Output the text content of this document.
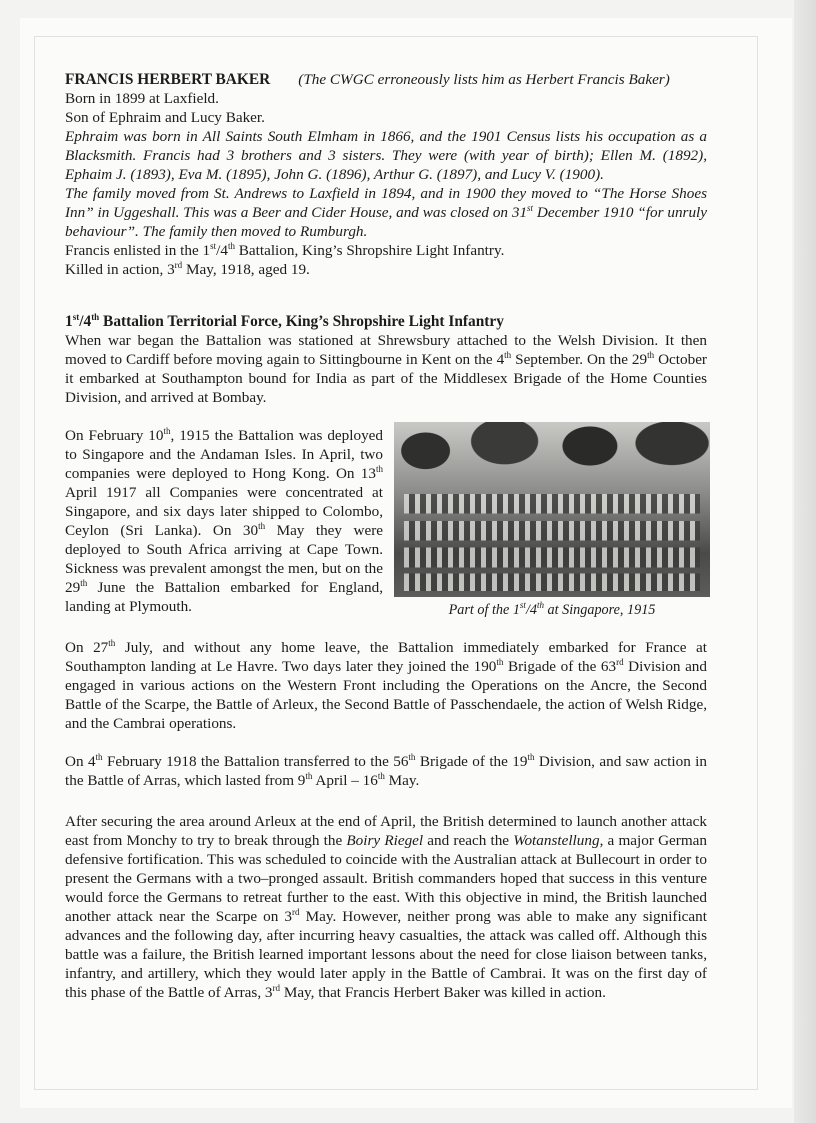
FRANCIS HERBERT BAKER (The CWGC erroneously lists him as Herbert Francis Baker)

Born in 1899 at Laxfield.

Son of Ephraim and Lucy Baker.

Ephraim was born in All Saints South Elmham in 1866, and the 1901 Census lists his occupation as a Blacksmith. Francis had 3 brothers and 3 sisters. They were (with year of birth); Ellen M. (1892), Ephaim J. (1893), Eva M. (1895), John G. (1896), Arthur G. (1897), and Lucy V. (1900).

The family moved from St. Andrews to Laxfield in 1894, and in 1900 they moved to “The Horse Shoes Inn” in Uggeshall. This was a Beer and Cider House, and was closed on 31st December 1910 “for unruly behaviour”. The family then moved to Rumburgh.

Francis enlisted in the 1st/4th Battalion, King’s Shropshire Light Infantry.

Killed in action, 3rd May, 1918, aged 19.

1st/4th Battalion Territorial Force, King’s Shropshire Light Infantry

When war began the Battalion was stationed at Shrewsbury attached to the Welsh Division. It then moved to Cardiff before moving again to Sittingbourne in Kent on the 4th September. On the 29th October it embarked at Southampton bound for India as part of the Middlesex Brigade of the Home Counties Division, and arrived at Bombay.

On February 10th, 1915 the Battalion was deployed to Singapore and the Andaman Isles. In April, two companies were deployed to Hong Kong. On 13th April 1917 all Companies were concentrated at Singapore, and six days later shipped to Colombo, Ceylon (Sri Lanka). On 30th May they were deployed to South Africa arriving at Cape Town. Sickness was prevalent amongst the men, but on the 29th June the Battalion embarked for England, landing at Plymouth.	Part of the 1st/4th at Singapore, 1915

On 27th July, and without any home leave, the Battalion immediately embarked for France at Southampton landing at Le Havre. Two days later they joined the 190th Brigade of the 63rd Division and engaged in various actions on the Western Front including the Operations on the Ancre, the Second Battle of the Scarpe, the Battle of Arleux, the Second Battle of Passchendaele, the action of Welsh Ridge, and the Cambrai operations.

On 4th February 1918 the Battalion transferred to the 56th Brigade of the 19th Division, and saw action in the Battle of Arras, which lasted from 9th April – 16th May.

After securing the area around Arleux at the end of April, the British determined to launch another attack east from Monchy to try to break through the Boiry Riegel and reach the Wotanstellung, a major German defensive fortification. This was scheduled to coincide with the Australian attack at Bullecourt in order to present the Germans with a two–pronged assault. British commanders hoped that success in this venture would force the Germans to retreat further to the east. With this objective in mind, the British launched another attack near the Scarpe on 3rd May. However, neither prong was able to make any significant advances and the following day, after incurring heavy casualties, the attack was called off. Although this battle was a failure, the British learned important lessons about the need for close liaison between tanks, infantry, and artillery, which they would later apply in the Battle of Cambrai. It was on the first day of this phase of the Battle of Arras, 3rd May, that Francis Herbert Baker was killed in action.
